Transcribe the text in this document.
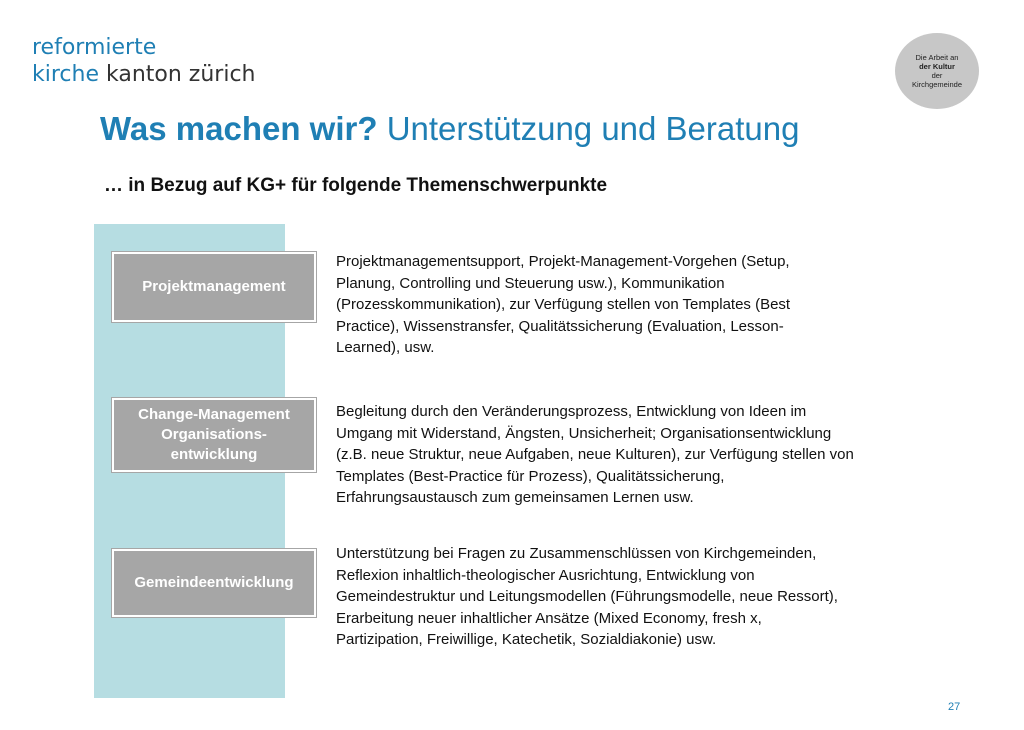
reformierte
kirche kanton zürich
Die Arbeit an
der Kultur
der
Kirchgemeinde
Was machen wir? Unterstützung und Beratung
… in Bezug auf KG+ für folgende Themenschwerpunkte
Projektmanagement
Change-Management
Organisations-
entwicklung
Gemeindeentwicklung
Projektmanagementsupport, Projekt-Management-Vorgehen (Setup,
Planung, Controlling und Steuerung usw.), Kommunikation
(Prozesskommunikation), zur Verfügung stellen von Templates (Best
Practice), Wissenstransfer, Qualitätssicherung (Evaluation, Lesson-
Learned), usw.
Begleitung durch den Veränderungsprozess, Entwicklung von Ideen im
Umgang mit Widerstand, Ängsten, Unsicherheit; Organisationsentwicklung
(z.B. neue Struktur, neue Aufgaben, neue Kulturen), zur Verfügung stellen von
Templates (Best-Practice für Prozess), Qualitätssicherung,
Erfahrungsaustausch zum gemeinsamen Lernen usw.
Unterstützung bei Fragen zu Zusammenschlüssen von Kirchgemeinden,
Reflexion inhaltlich-theologischer Ausrichtung, Entwicklung von
Gemeindestruktur und Leitungsmodellen (Führungsmodelle, neue Ressort),
Erarbeitung neuer inhaltlicher Ansätze (Mixed Economy, fresh x,
Partizipation, Freiwillige, Katechetik, Sozialdiakonie) usw.
27
